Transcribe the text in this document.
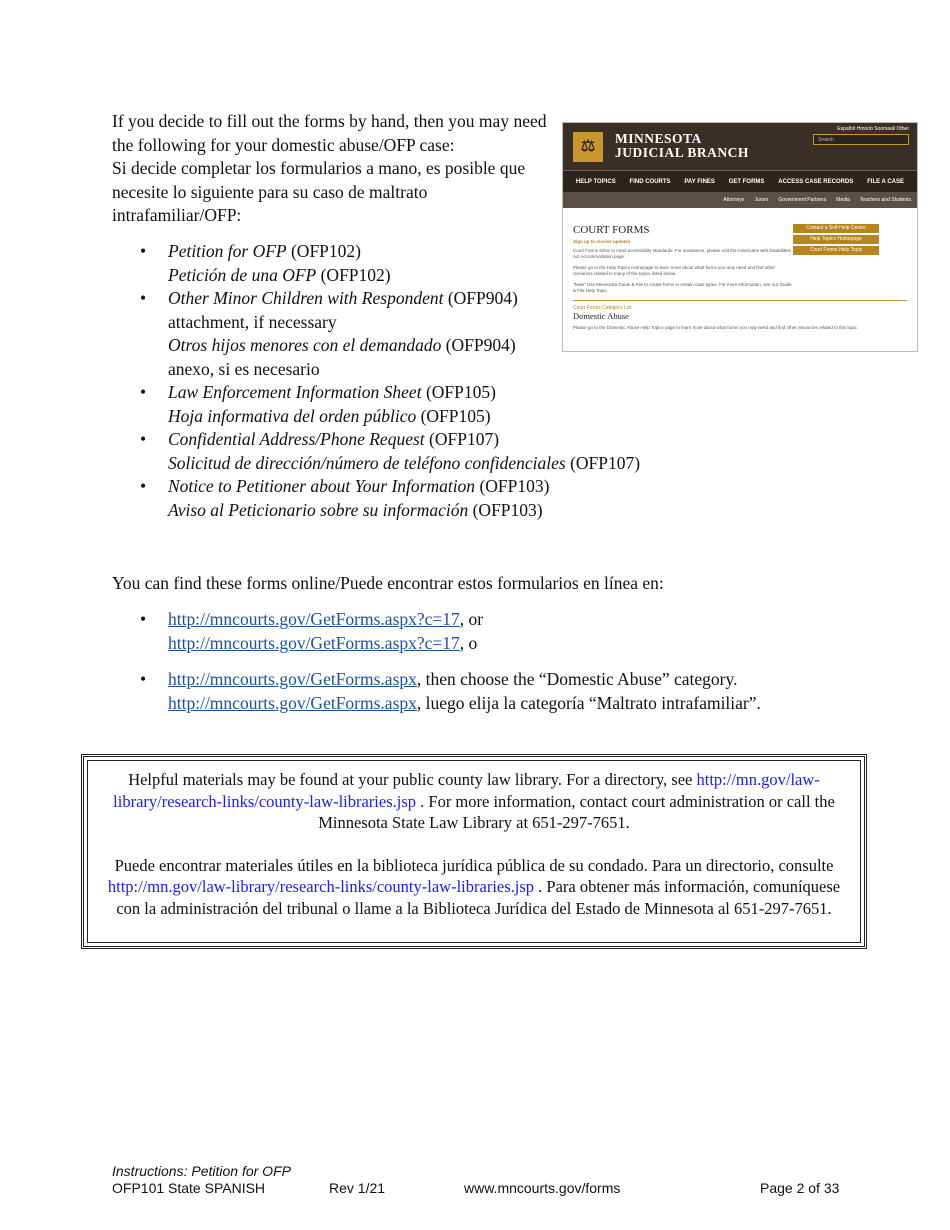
If you decide to fill out the forms by hand, then you may need the following for your domestic abuse/OFP case:

Si decide completar los formularios a mano, es posible que necesite lo siguiente para su caso de maltrato intrafamiliar/OFP:

⚖	MINNESOTA
JUDICIAL BRANCH
Español Hmoob Soomaali Other
Search
HELP TOPICS FIND COURTS PAY FINES GET FORMS ACCESS CASE RECORDS FILE A CASE
Attorneys Jurors Government Partners Media Teachers and Students
COURT FORMS	Contact a Self-Help Center
Help Topics Homepage
Court Forms Help Topic
Sign up to receive updates
Court Forms strive to meet accessibility standards. For assistance, please visit the Americans with Disabilities Act Accommodation page.
Please go to the Help Topics Homepage to learn more about what forms you may need and find other resources related to many of the topics listed below.
"Note" Use Minnesota Guide & File to create forms in certain case types. For more information, see our Guide & File Help Topic.
Court Forms Category List
Domestic Abuse
Please go to the Domestic Abuse Help Topics page to learn more about what forms you may need and find other resources related to this topic.
• Petition for OFP (OFP102)
Petición de una OFP (OFP102)
• Other Minor Children with Respondent (OFP904)
attachment, if necessary
Otros hijos menores con el demandado (OFP904)
anexo, si es necesario
• Law Enforcement Information Sheet (OFP105)
Hoja informativa del orden público (OFP105)
• Confidential Address/Phone Request (OFP107)
Solicitud de dirección/número de teléfono confidenciales (OFP107)
• Notice to Petitioner about Your Information (OFP103)
Aviso al Peticionario sobre su información (OFP103)
You can find these forms online/Puede encontrar estos formularios en línea en:
• http://mncourts.gov/GetForms.aspx?c=17, or
http://mncourts.gov/GetForms.aspx?c=17, o
• http://mncourts.gov/GetForms.aspx, then choose the “Domestic Abuse” category.
http://mncourts.gov/GetForms.aspx, luego elija la categoría “Maltrato intrafamiliar”.

Helpful materials may be found at your public county law library. For a directory, see http://mn.gov/law-library/research-links/county-law-libraries.jsp . For more information, contact court administration or call the Minnesota State Law Library at 651-297-7651.

Puede encontrar materiales útiles en la biblioteca jurídica pública de su condado. Para un directorio, consulte http://mn.gov/law-library/research-links/county-law-libraries.jsp . Para obtener más información, comuníquese con la administración del tribunal o llame a la Biblioteca Jurídica del Estado de Minnesota al 651-297-7651.

Instructions: Petition for OFP
OFP101 State SPANISH	Rev 1/21	www.mncourts.gov/forms	Page 2 of 33
